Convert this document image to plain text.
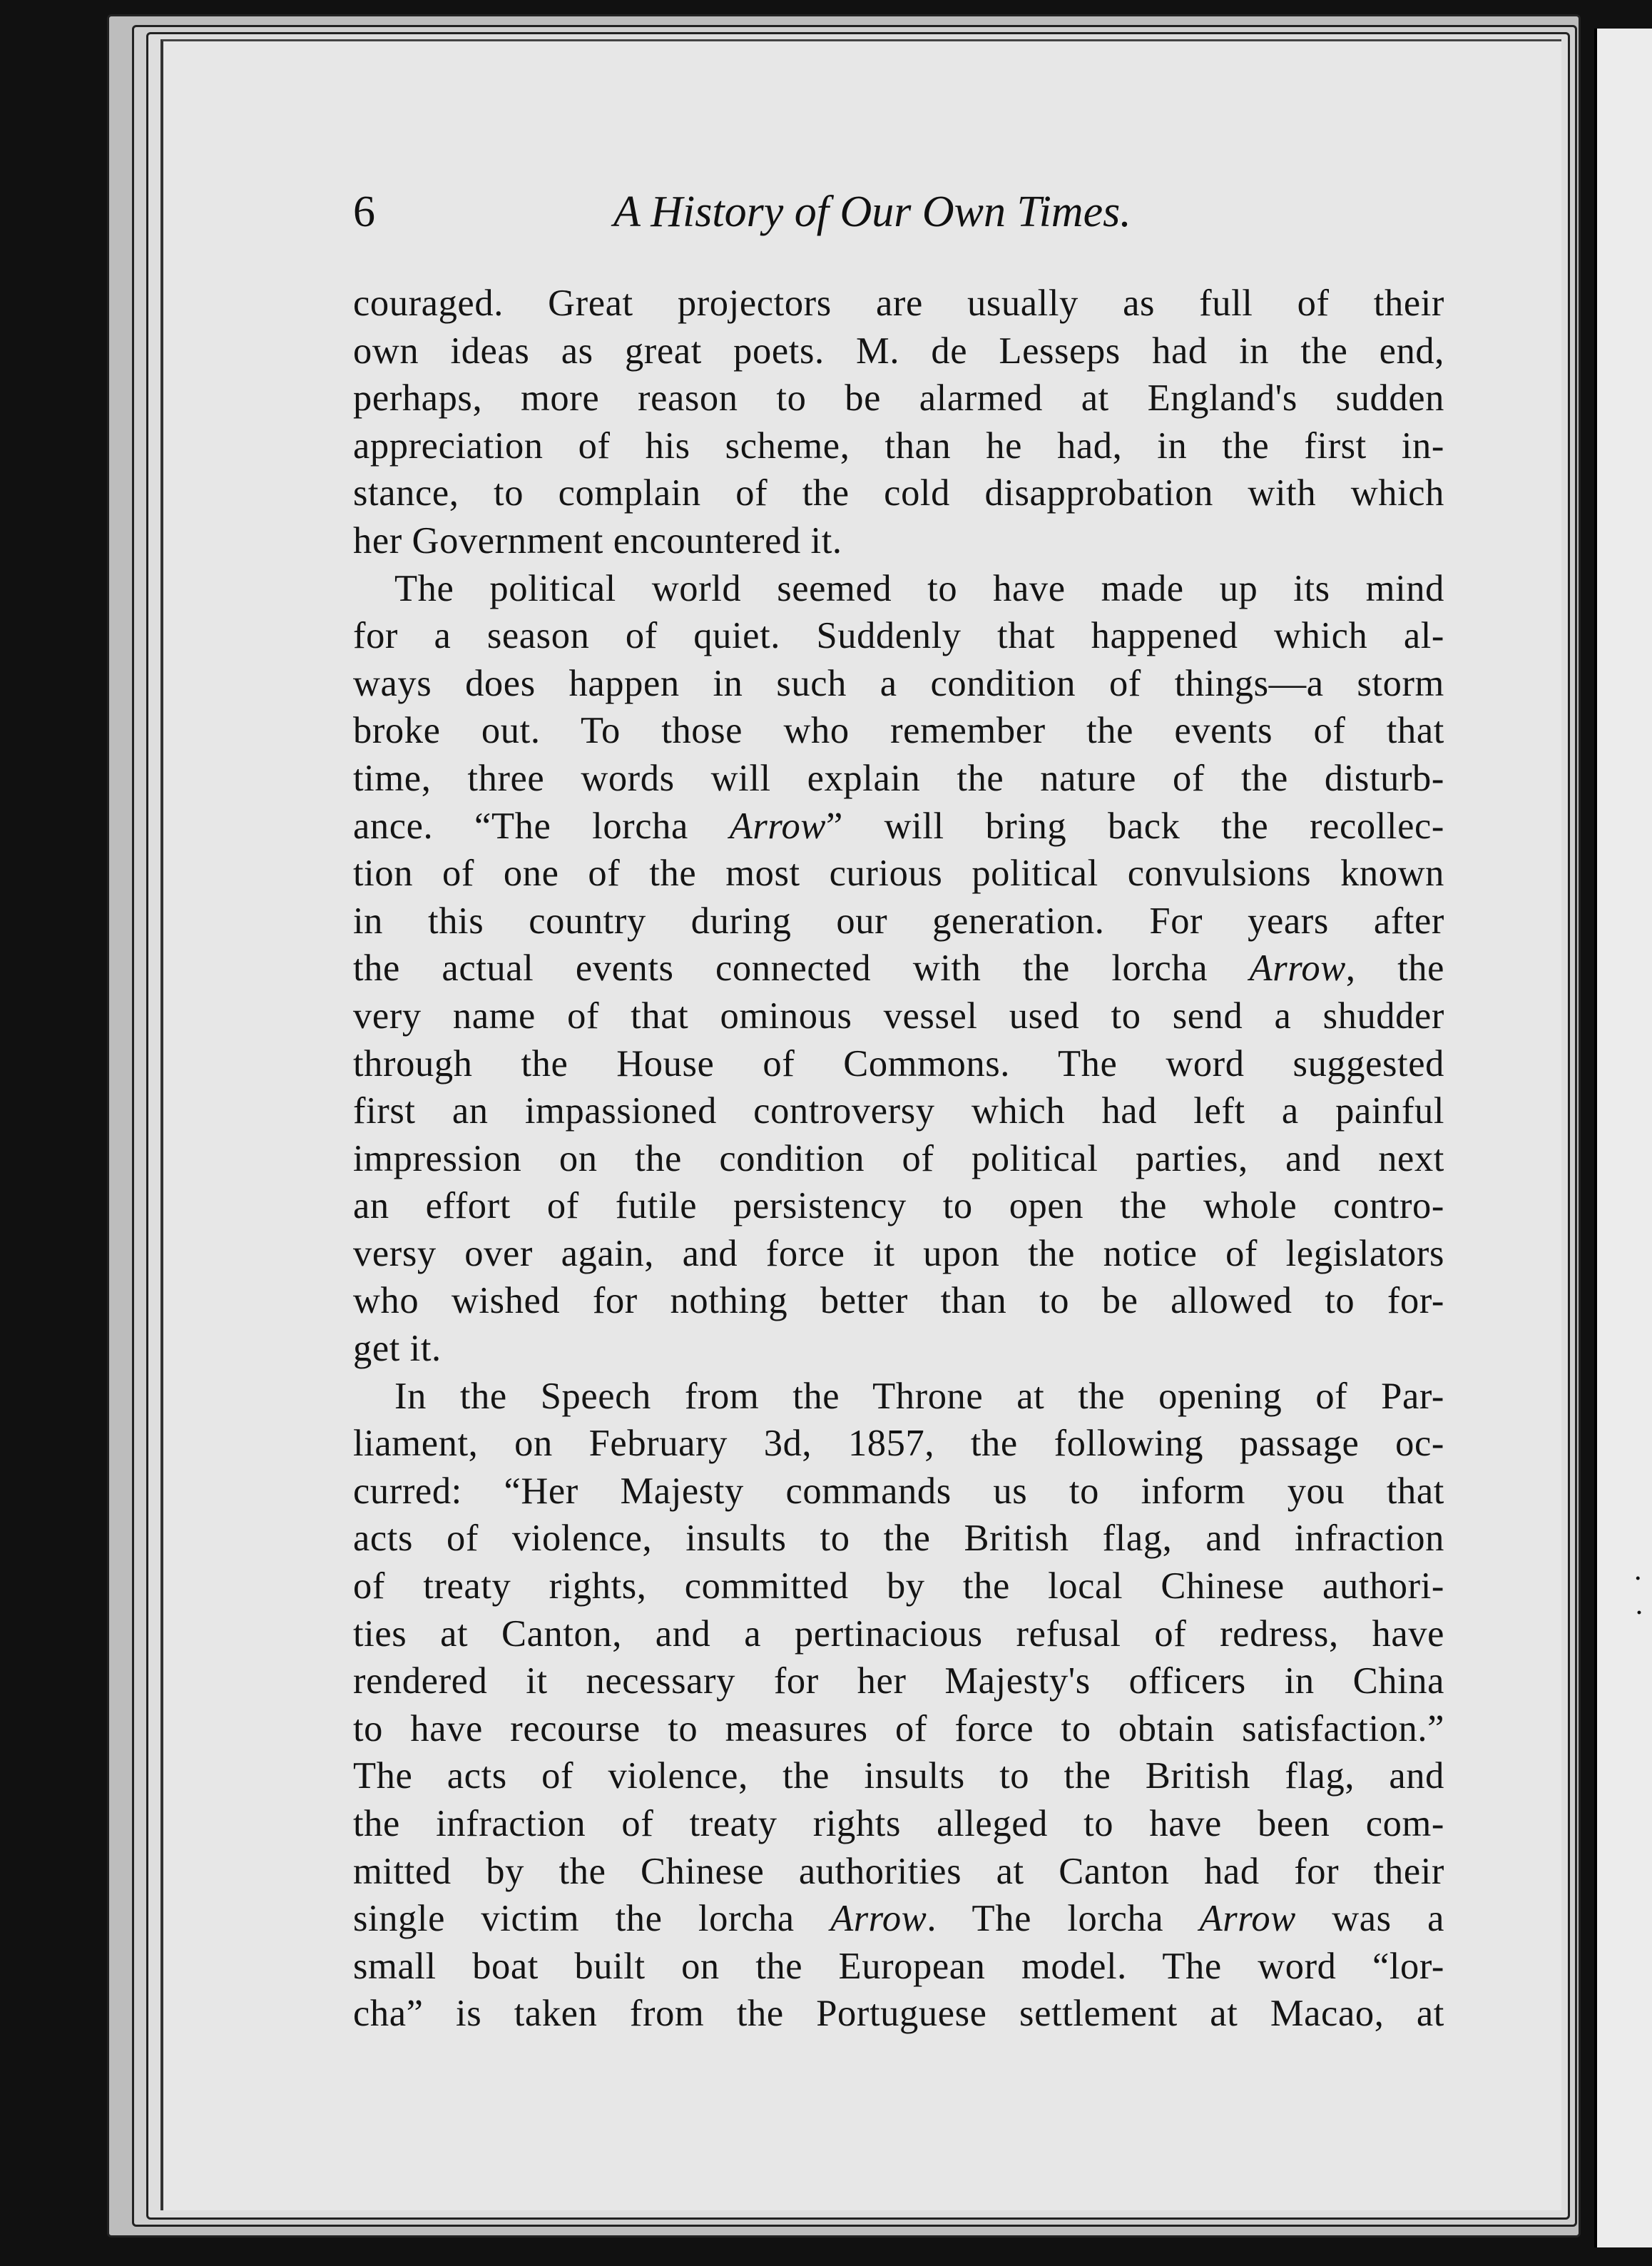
6	A History of Our Own Times.
couraged. Great projectors are usually as full of their
own ideas as great poets. M. de Lesseps had in the end,
perhaps, more reason to be alarmed at England's sudden
appreciation of his scheme, than he had, in the first in-
stance, to complain of the cold disapprobation with which
her Government encountered it.
The political world seemed to have made up its mind
for a season of quiet. Suddenly that happened which al-
ways does happen in such a condition of things—a storm
broke out. To those who remember the events of that
time, three words will explain the nature of the disturb-
ance. “The lorcha Arrow” will bring back the recollec-
tion of one of the most curious political convulsions known
in this country during our generation. For years after
the actual events connected with the lorcha Arrow, the
very name of that ominous vessel used to send a shudder
through the House of Commons. The word suggested
first an impassioned controversy which had left a painful
impression on the condition of political parties, and next
an effort of futile persistency to open the whole contro-
versy over again, and force it upon the notice of legislators
who wished for nothing better than to be allowed to for-
get it.
In the Speech from the Throne at the opening of Par-
liament, on February 3d, 1857, the following passage oc-
curred: “Her Majesty commands us to inform you that
acts of violence, insults to the British flag, and infraction
of treaty rights, committed by the local Chinese authori-
ties at Canton, and a pertinacious refusal of redress, have
rendered it necessary for her Majesty's officers in China
to have recourse to measures of force to obtain satisfaction.”
The acts of violence, the insults to the British flag, and
the infraction of treaty rights alleged to have been com-
mitted by the Chinese authorities at Canton had for their
single victim the lorcha Arrow. The lorcha Arrow was a
small boat built on the European model. The word “lor-
cha” is taken from the Portuguese settlement at Macao, at
.
·
